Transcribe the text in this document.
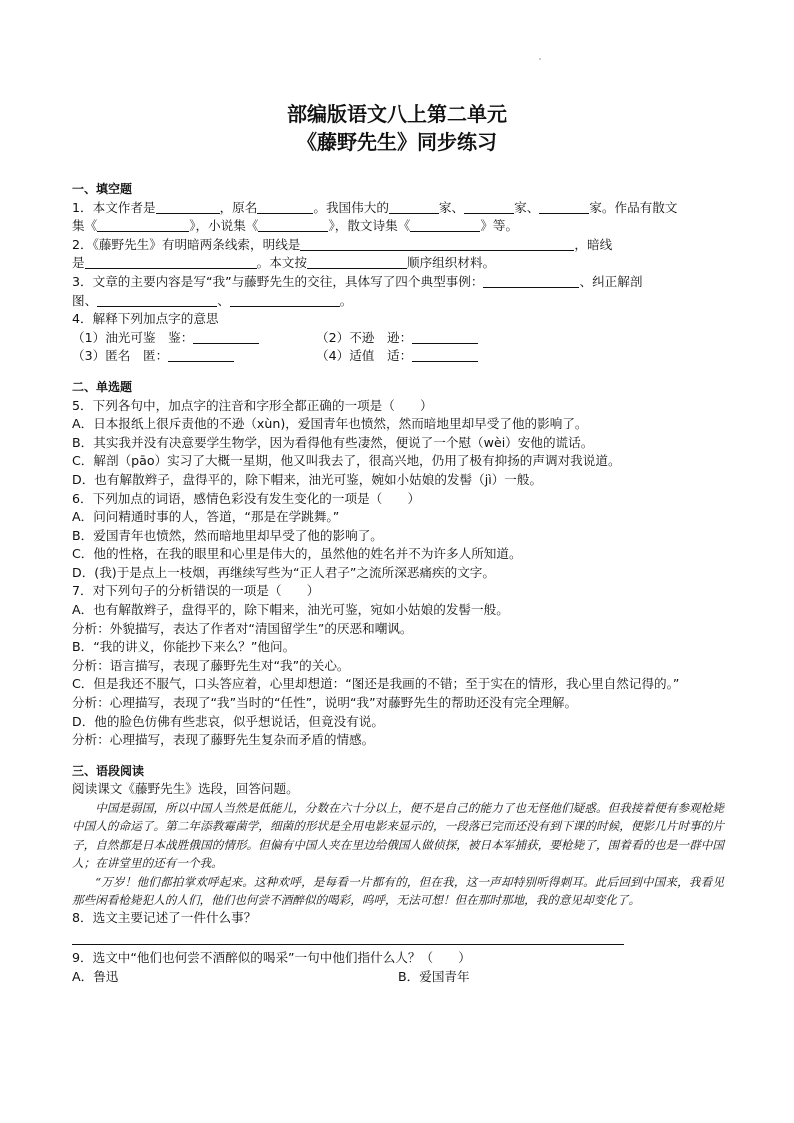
部编版语文八上第二单元
《藤野先生》同步练习
一、填空题
1．本文作者是	，原名	。我国伟大的	家、	家、	家。作品有散文
集《	》，小说集《	》，散文诗集《	》等。
2．《藤野先生》有明暗两条线索，明线是	，暗线
是	。本文按	顺序组织材料。
3．文章的主要内容是写“我”与藤野先生的交往，具体写了四个典型事例：	、纠正解剖
图、	、	。
4．解释下列加点字的意思
（1）油光可鉴　鉴：	（2）不逊　逊：
（3）匿名　匿：	（4）适值　适：
二、单选题
5．下列各句中，加点字的注音和字形全都正确的一项是（　　）
A．日本报纸上很斥责他的不逊（xùn)，爱国青年也愤然，然而暗地里却早受了他的影响了。
B．其实我并没有决意要学生物学，因为看得他有些凄然，便说了一个慰（wèi）安他的谎话。
C．解剖（pāo）实习了大概一星期，他又叫我去了，很高兴地，仍用了极有抑扬的声调对我说道。
D．也有解散辫子，盘得平的，除下帽来，油光可鉴，婉如小姑娘的发髻（jì）一般。
6．下列加点的词语，感情色彩没有发生变化的一项是（　　）
A．问问精通时事的人，答道，“那是在学跳舞。”
B．爱国青年也愤然，然而暗地里却早受了他的影响了。
C．他的性格，在我的眼里和心里是伟大的，虽然他的姓名并不为许多人所知道。
D．(我)于是点上一枝烟，再继续写些为“正人君子”之流所深恶痛疾的文字。
7．对下列句子的分析错误的一项是（　　）
A．也有解散辫子，盘得平的，除下帽来，油光可鉴，宛如小姑娘的发髻一般。
分析：外貌描写，表达了作者对“清国留学生”的厌恶和嘲讽。
B．“我的讲义，你能抄下来么？”他问。
分析：语言描写，表现了藤野先生对“我”的关心。
C．但是我还不服气，口头答应着，心里却想道：“图还是我画的不错；至于实在的情形，我心里自然记得的。”
分析：心理描写，表现了“我”当时的“任性”，说明“我”对藤野先生的帮助还没有完全理解。
D．他的脸色仿佛有些悲哀，似乎想说话，但竟没有说。
分析：心理描写，表现了藤野先生复杂而矛盾的情感。
三、语段阅读
阅读课文《藤野先生》选段，回答问题。

中国是弱国，所以中国人当然是低能儿，分数在六十分以上，便不是自己的能力了也无怪他们疑惑。但我接着便有参观枪毙中国人的命运了。第二年添教霉菌学，细菌的形状是全用电影来显示的，一段落已完而还没有到下课的时候，便影几片时事的片子，自然都是日本战胜俄国的情形。但偏有中国人夹在里边给俄国人做侦探，被日本军捕获，要枪毙了，围着看的也是一群中国人；在讲堂里的还有一个我。

“万岁！他们都拍掌欢呼起来。这种欢呼，是每看一片都有的，但在我，这一声却特别听得刺耳。此后回到中国来，我看见那些闲看枪毙犯人的人们，他们也何尝不酒醉似的喝彩，呜呼，无法可想！但在那时那地，我的意见却变化了。

8．选文主要记述了一件什么事？
9．选文中“他们也何尝不酒醉似的喝采”一句中他们指什么人？（　　）
A．鲁迅	B．爱国青年
